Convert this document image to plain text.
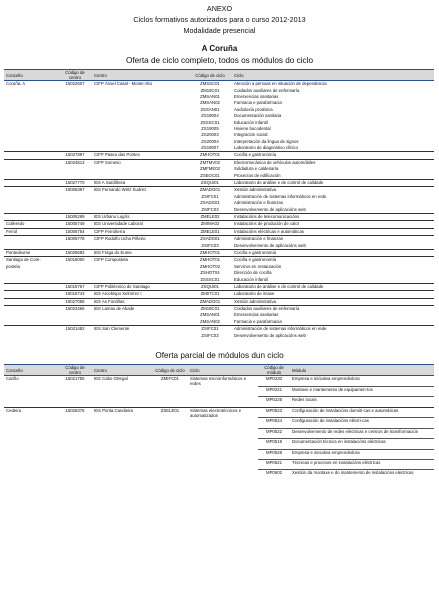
ANEXO
Ciclos formativos autorizados para o curso 2012-2013
Modalidade presencial
A Coruña
Oferta de ciclo completo, todos os módulos do ciclo
Concello	Código de centro	Centro	Código de ciclo	Ciclo
Coruña, A	15022607	CIFP Ánxel Casal - Monte Alto	ZMSSC01	Atención a persoas en situación de dependencia
			ZM19C01	Coidados auxiliares de enfermaría
			ZMSAN01	Emerxencias sanitarias
			ZMSAN02	Farmacia e parafarmacia
			ZSSAN01	Audioloxía protésica
			ZS19004	Documentación sanitaria
			ZSSSC01	Educación infantil
			ZS19005	Hixiene bucodental
			ZS20003	Integración social
			ZS20004	Interpretación da lingua de signos
			ZS19007	Laboratorio de diagnóstico clínico
	15027897	CIFP Paseo das Pontes	ZMHOT01	Cociña e gastronomía
	15024513	CIFP Someso	ZMTMV02	Electromecánica de vehículos automóbiles
			ZMFME02	Soldadura e caldeiraría
			ZSEOC01	Proxectos de edificación
	15027770	IES A Sardiñeira	ZSQUI01	Laboratorio de análise e de control de calidade
	15005397	IES Fernando Wirtz Suárez	ZMADG01	Xestión administrativa
			ZSIFC01	Administración de sistemas informáticos en rede
			ZSADG01	Administración e finanzas
			ZSIFC03	Desenvolvemento de aplicacións web
	15005269	IES Urbano Lugrís	ZMELE02	Instalacións de telecomunicacións
Culleredo	15005749	IES Universidade Laboral	ZMIMA02	Instalacións de produción de calor
Ferrol	15006754	CIFP Ferrolterra	ZMELE01	Instalacións eléctricas e automáticas
	15006778	CIFP Rodolfo Ucha Piñeiro	ZSADG01	Administración e finanzas
			ZSIFC03	Desenvolvemento de aplicacións web
Pontedeume	15025682	IES Fraga do Eume	ZMHOT01	Cociña e gastronomía
Santiago de Com-	15016000	CIFP Compostela	ZMHOT01	Cociña e gastronomía
postela			ZMHOT02	Servizos en restauración
			ZSHOT04	Dirección de cociña
			ZSSSC01	Educación infantil
	15015767	CIFP Politécnico de Santiago	ZSQUI01	Laboratorio de análise e de control de calidade
	15015743	IES Arcebispo Xelmírez I	ZM07C01	Laboratorio de imaxe
	15027058	IES As Fontiñas	ZMADG01	Xestión administrativa
	15023466	IES Lamas de Abade	ZM19C01	Coidados auxiliares de enfermaría
			ZMSAN01	Emerxencias sanitarias
			ZMSAN02	Farmacia e parafarmacia
	15021482	IES San Clemente	ZSIFC01	Administración de sistemas informáticos en rede
			ZSIFC03	Desenvolvemento de aplicacións web
Oferta parcial de módulos dun ciclo
Concello	Código de centro	Centro	Código de ciclo	Ciclo	Código de módulo	Módulo
Cariño	15021755	IES Cabo Ortegal	ZMIFC01	Sistemas microinformáticos e redes	MP0230	Empresa e iniciativa emprendedora
					MP0221	Montaxe e mantemento de equipamen-tos
					MP0225	Redes locais
Cedeira	15026376	IES Punta Candieira	ZSELE01	Sistemas electrotécnicos e automatizados	MP0523	Configuración de instalacións domóti-cas e automáticas
					MP0524	Configuración de instalacións eléctri-cas
					MP0522	Desenvolvemento de redes eléctricas e centros de transformación
					MP0519	Documentación técnica en instalacións eléctricas
					MP0528	Empresa e iniciativa emprendedora
					MP0521	Técnicas e procesos en instalacións eléctricas
					MP0602	Xestión da montaxe e do mantemento de instalacións eléctricas
